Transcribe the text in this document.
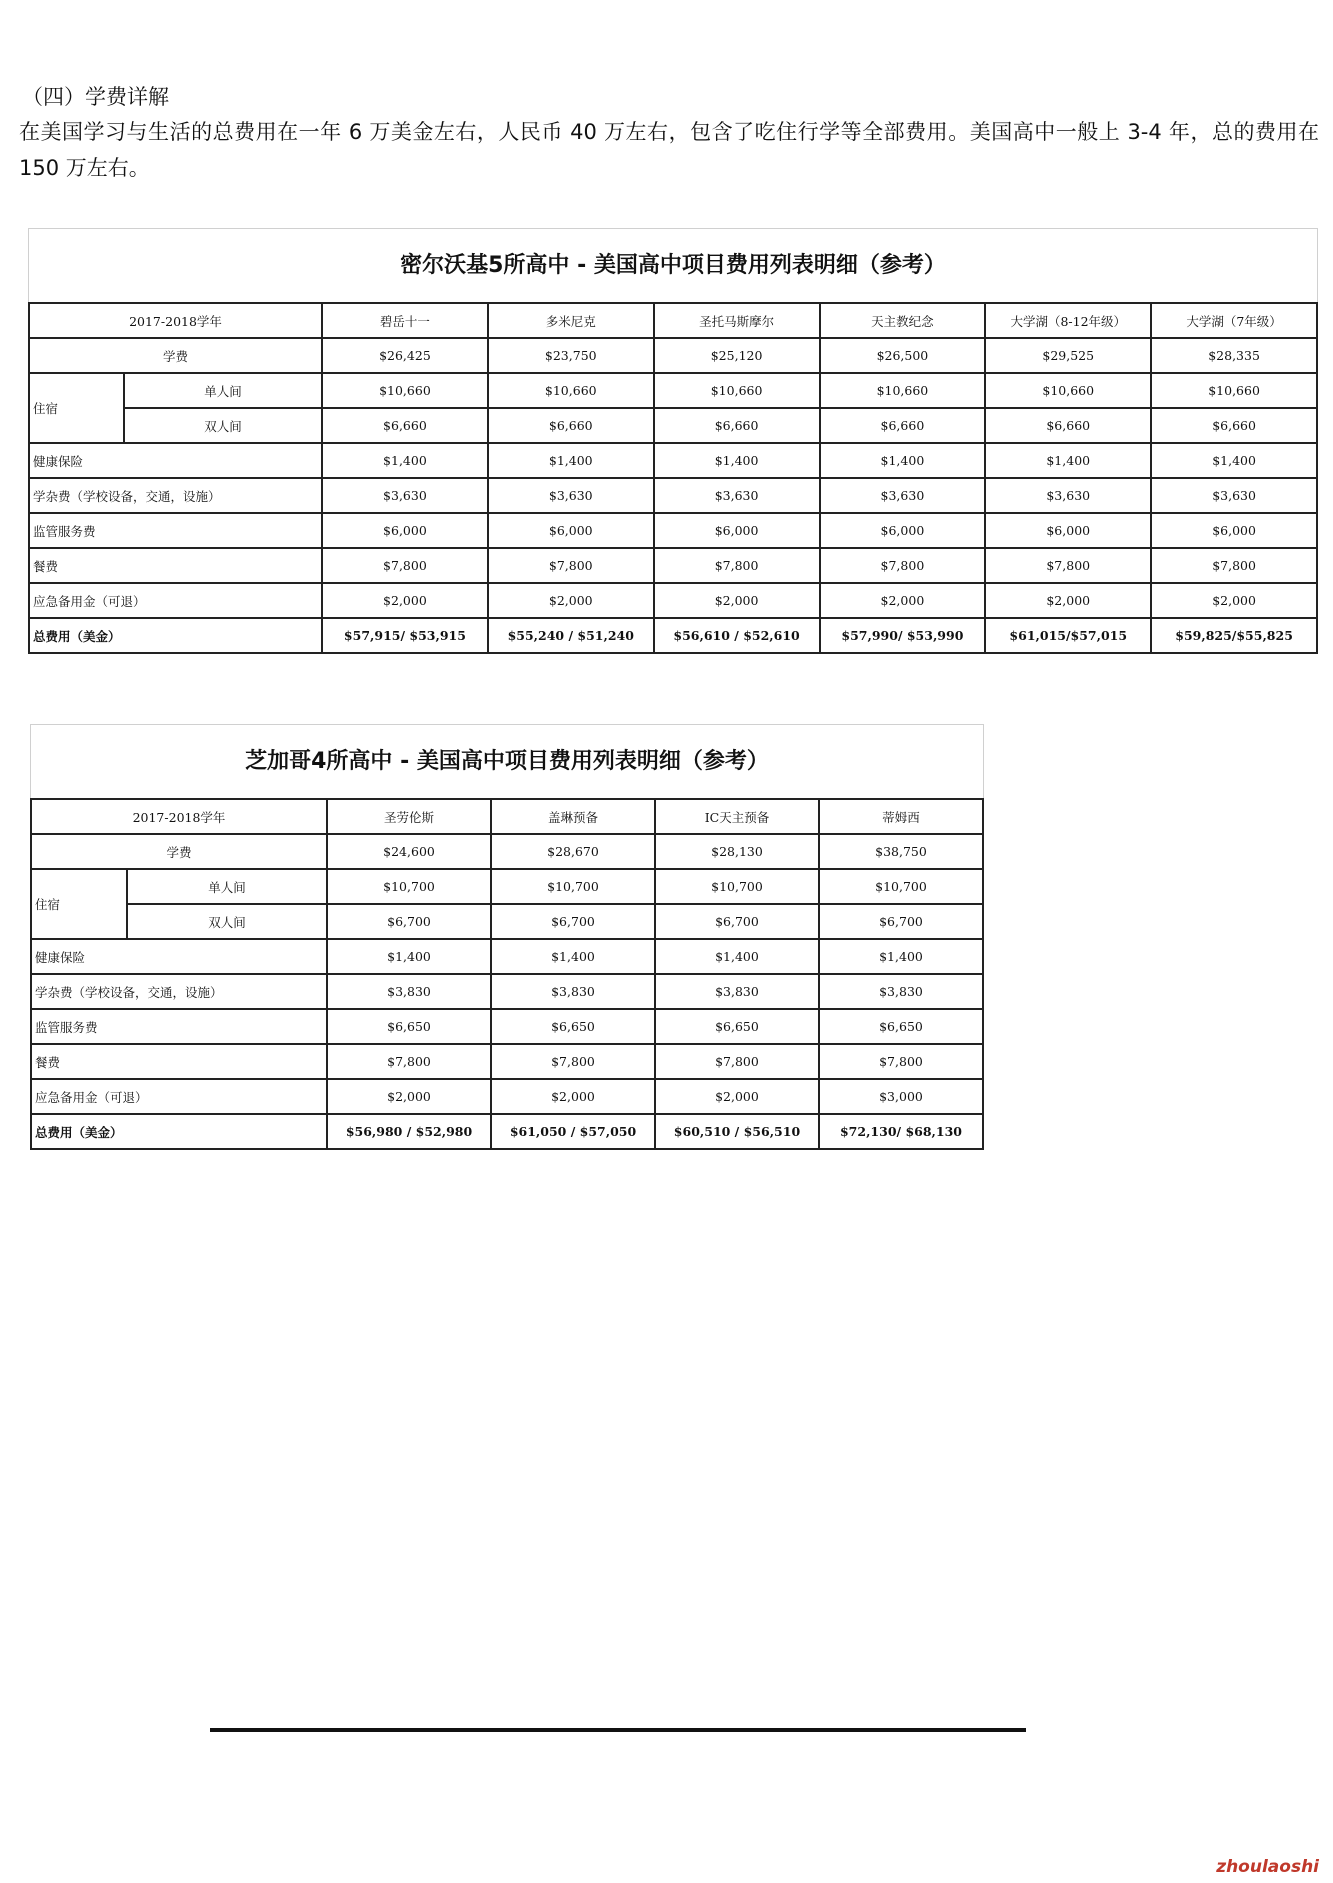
（四）学费详解
在美国学习与生活的总费用在一年 6 万美金左右，人民币 40 万左右，包含了吃住行学等全部费用。美国高中一般上 3-4 年，总的费用在 150 万左右。
密尔沃基5所高中 - 美国高中项目费用列表明细（参考）
2017-2018学年		碧岳十一	多米尼克	圣托马斯摩尔	天主教纪念	大学湖（8-12年级）	大学湖（7年级）
学费		$26,425	$23,750	$25,120	$26,500	$29,525	$28,335
住宿	单人间	$10,660	$10,660	$10,660	$10,660	$10,660	$10,660
	双人间	$6,660	$6,660	$6,660	$6,660	$6,660	$6,660
健康保险		$1,400	$1,400	$1,400	$1,400	$1,400	$1,400
学杂费（学校设备，交通，设施）		$3,630	$3,630	$3,630	$3,630	$3,630	$3,630
监管服务费		$6,000	$6,000	$6,000	$6,000	$6,000	$6,000
餐费		$7,800	$7,800	$7,800	$7,800	$7,800	$7,800
应急备用金（可退）		$2,000	$2,000	$2,000	$2,000	$2,000	$2,000
总费用（美金）		$57,915/ $53,915	$55,240 / $51,240	$56,610 / $52,610	$57,990/ $53,990	$61,015/$57,015	$59,825/$55,825
芝加哥4所高中 - 美国高中项目费用列表明细（参考）
2017-2018学年		圣劳伦斯	盖琳预备	IC天主预备	蒂姆西
学费		$24,600	$28,670	$28,130	$38,750
住宿	单人间	$10,700	$10,700	$10,700	$10,700
	双人间	$6,700	$6,700	$6,700	$6,700
健康保险		$1,400	$1,400	$1,400	$1,400
学杂费（学校设备，交通，设施）		$3,830	$3,830	$3,830	$3,830
监管服务费		$6,650	$6,650	$6,650	$6,650
餐费		$7,800	$7,800	$7,800	$7,800
应急备用金（可退）		$2,000	$2,000	$2,000	$3,000
总费用（美金）		$56,980 / $52,980	$61,050 / $57,050	$60,510 / $56,510	$72,130/ $68,130
zhoulaoshi
